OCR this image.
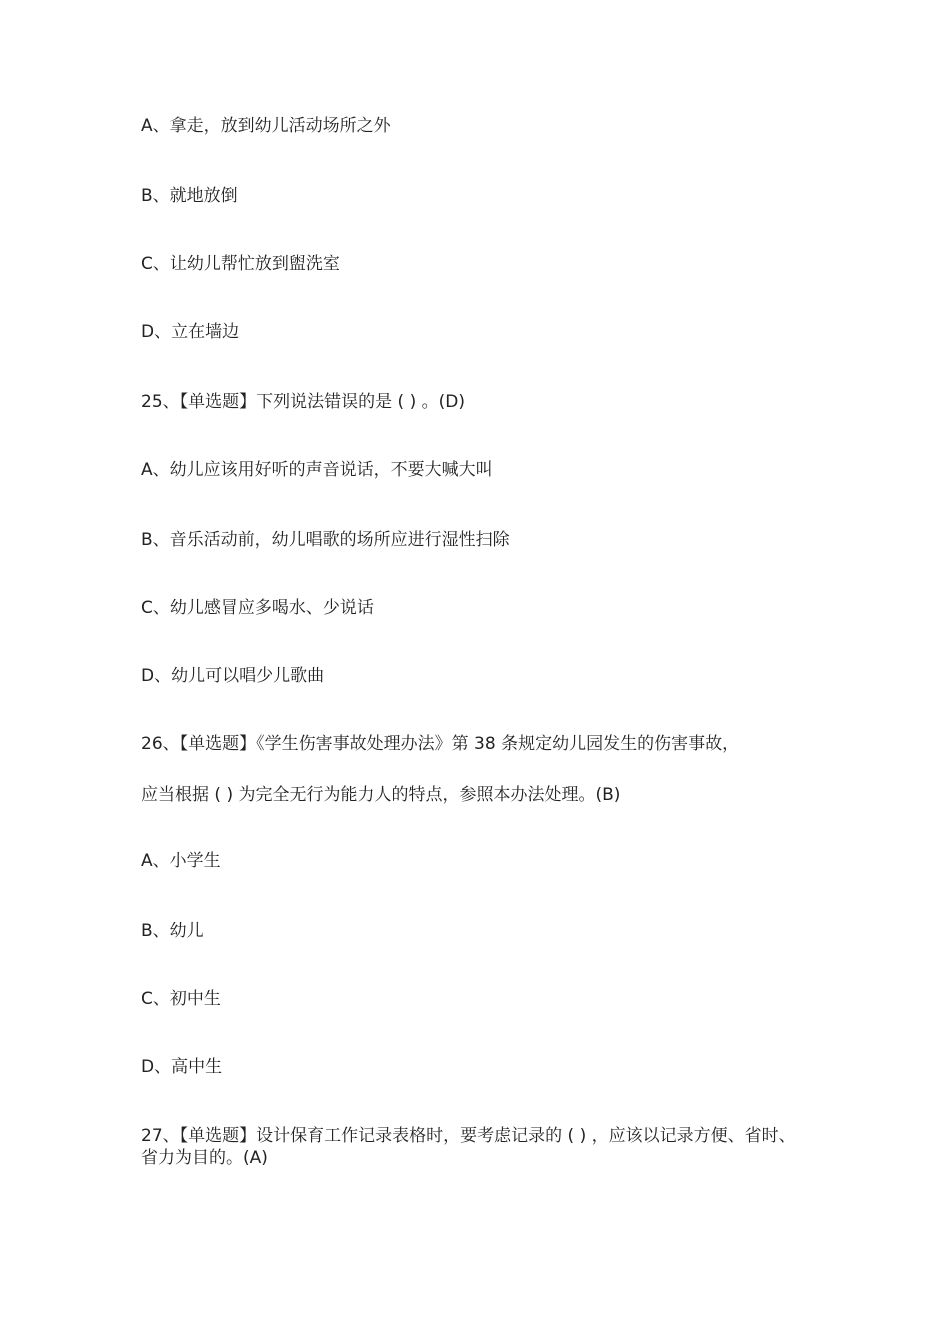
A、拿走，放到幼儿活动场所之外
B、就地放倒
C、让幼儿帮忙放到盥洗室
D、立在墙边
25、【单选题】下列说法错误的是 ( ) 。(D)
A、幼儿应该用好听的声音说话，不要大喊大叫
B、音乐活动前，幼儿唱歌的场所应进行湿性扫除
C、幼儿感冒应多喝水、少说话
D、幼儿可以唱少儿歌曲
26、【单选题】《学生伤害事故处理办法》第 38 条规定幼儿园发生的伤害事故，
应当根据 ( ) 为完全无行为能力人的特点，参照本办法处理。(B)
A、小学生
B、幼儿
C、初中生
D、高中生
27、【单选题】设计保育工作记录表格时，要考虑记录的 ( ) ，应该以记录方便、省时、省力为目的。(A)
